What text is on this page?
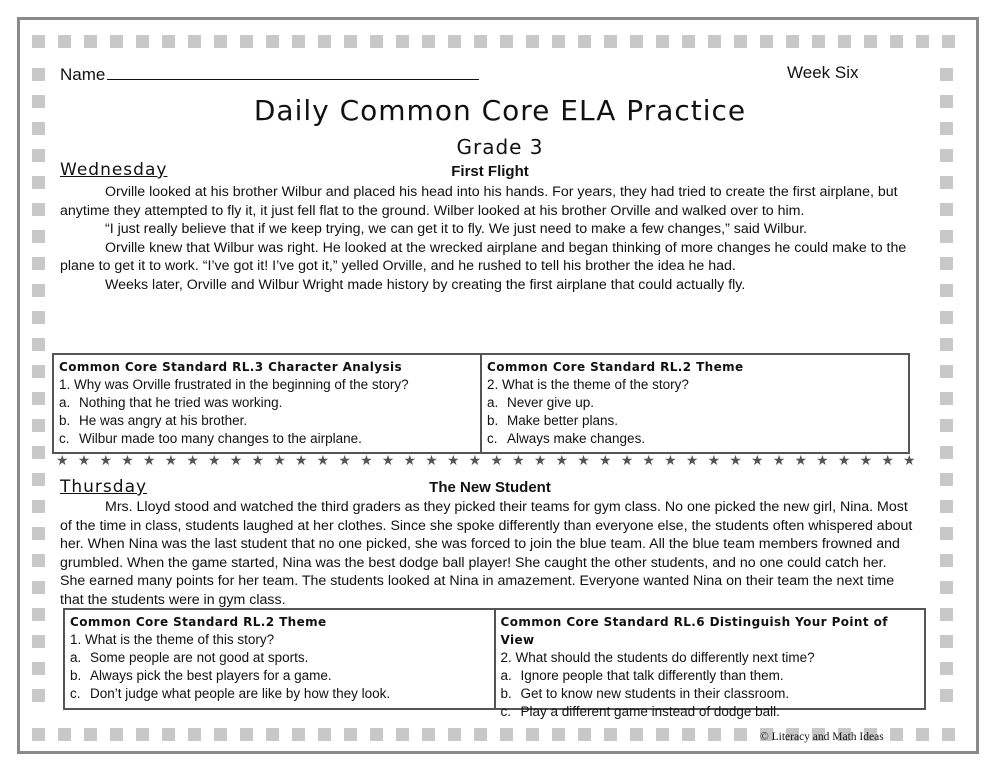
Name	Week Six
Daily Common Core ELA Practice
Grade 3
Wednesday	First Flight

Orville looked at his brother Wilbur and placed his head into his hands. For years, they had tried to create the first airplane, but anytime they attempted to fly it, it just fell flat to the ground. Wilber looked at his brother Orville and walked over to him.

“I just really believe that if we keep trying, we can get it to fly. We just need to make a few changes,” said Wilbur.

Orville knew that Wilbur was right. He looked at the wrecked airplane and began thinking of more changes he could make to the plane to get it to work. “I’ve got it! I’ve got it,” yelled Orville, and he rushed to tell his brother the idea he had.

Weeks later, Orville and Wilbur Wright made history by creating the first airplane that could actually fly.

Common Core Standard RL.3 Character Analysis
1. Why was Orville frustrated in the beginning of the story?
a. Nothing that he tried was working.
b. He was angry at his brother.
c. Wilbur made too many changes to the airplane.
Common Core Standard RL.2 Theme
2. What is the theme of the story?
a. Never give up.
b. Make better plans.
c. Always make changes.
★ ★ ★ ★ ★ ★ ★ ★ ★ ★ ★ ★ ★ ★ ★ ★ ★ ★ ★ ★ ★ ★ ★ ★ ★ ★ ★ ★ ★ ★ ★ ★ ★ ★ ★ ★ ★ ★ ★ ★
Thursday	The New Student

Mrs. Lloyd stood and watched the third graders as they picked their teams for gym class. No one picked the new girl, Nina. Most of the time in class, students laughed at her clothes. Since she spoke differently than everyone else, the students often whispered about her. When Nina was the last student that no one picked, she was forced to join the blue team. All the blue team members frowned and grumbled. When the game started, Nina was the best dodge ball player! She caught the other students, and no one could catch her. She earned many points for her team. The students looked at Nina in amazement. Everyone wanted Nina on their team the next time that the students were in gym class.

Common Core Standard RL.2 Theme
1. What is the theme of this story?
a. Some people are not good at sports.
b. Always pick the best players for a game.
c. Don’t judge what people are like by how they look.
Common Core Standard RL.6 Distinguish Your Point of View
2. What should the students do differently next time?
a. Ignore people that talk differently than them.
b. Get to know new students in their classroom.
c. Play a different game instead of dodge ball.
© Literacy and Math Ideas
